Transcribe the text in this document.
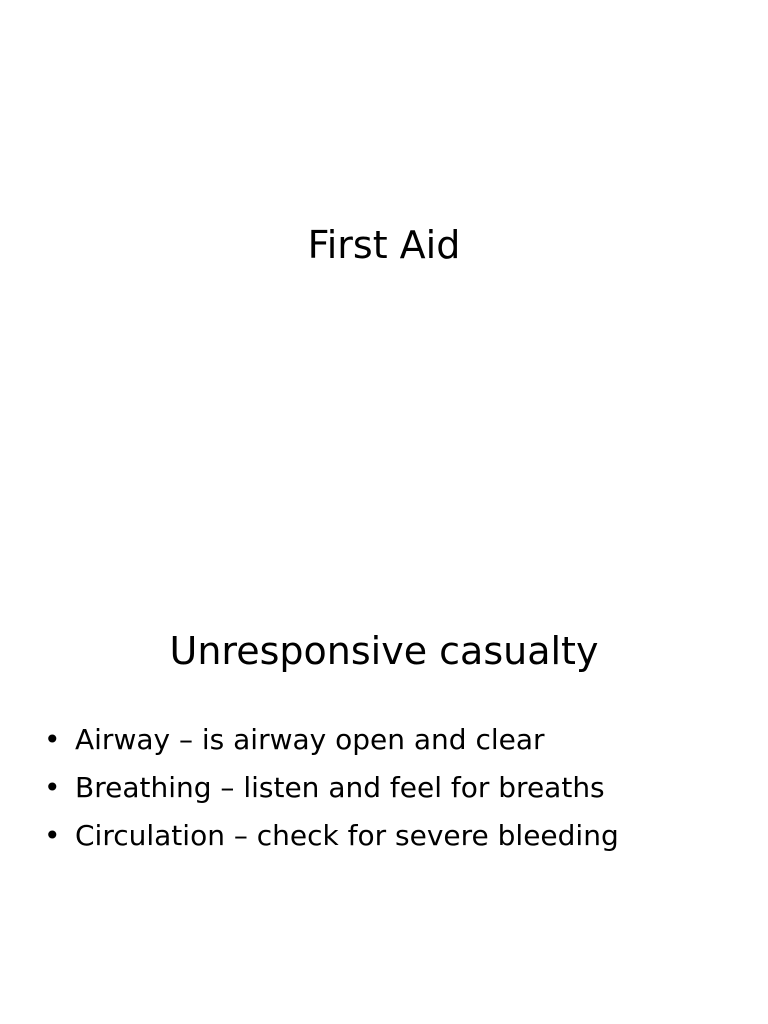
First Aid
Unresponsive casualty
• Airway – is airway open and clear
• Breathing – listen and feel for breaths
• Circulation – check for severe bleeding
